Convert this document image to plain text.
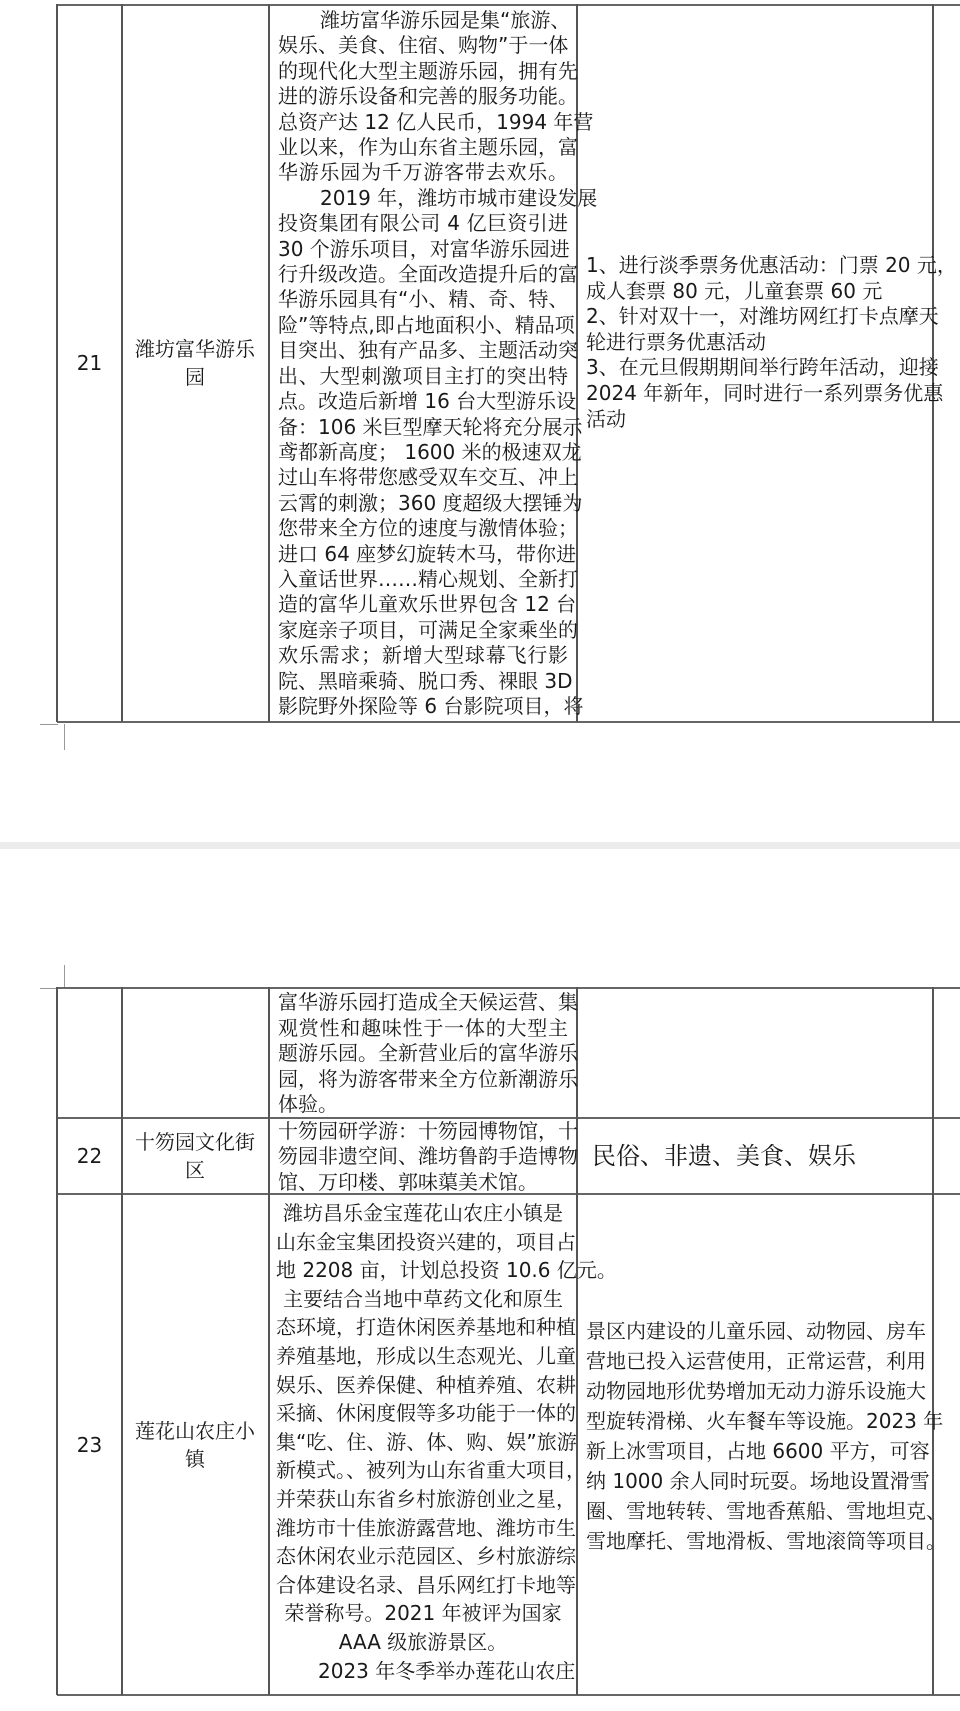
21
潍坊富华游乐园
潍坊富华游乐园是集“旅游、
娱乐、美食、住宿、购物”于一体
的现代化大型主题游乐园，拥有先
进的游乐设备和完善的服务功能。
总资产达 12 亿人民币，1994 年营
业以来，作为山东省主题乐园，富
华游乐园为千万游客带去欢乐。
2019 年，潍坊市城市建设发展
投资集团有限公司 4 亿巨资引进
30 个游乐项目，对富华游乐园进
行升级改造。全面改造提升后的富
华游乐园具有“小、精、奇、特、
险”等特点,即占地面积小、精品项
目突出、独有产品多、主题活动突
出、大型刺激项目主打的突出特
点。改造后新增 16 台大型游乐设
备：106 米巨型摩天轮将充分展示
鸢都新高度； 1600 米的极速双龙
过山车将带您感受双车交互、冲上
云霄的刺激；360 度超级大摆锤为
您带来全方位的速度与激情体验；
进口 64 座梦幻旋转木马，带你进
入童话世界……精心规划、全新打
造的富华儿童欢乐世界包含 12 台
家庭亲子项目，可满足全家乘坐的
欢乐需求；新增大型球幕飞行影
院、黑暗乘骑、脱口秀、裸眼 3D
影院野外探险等 6 台影院项目，将
1、进行淡季票务优惠活动：门票 20 元，
成人套票 80 元，儿童套票 60 元
2、针对双十一，对潍坊网红打卡点摩天
轮进行票务优惠活动
3、在元旦假期期间举行跨年活动，迎接
2024 年新年，同时进行一系列票务优惠
活动
富华游乐园打造成全天候运营、集
观赏性和趣味性于一体的大型主
题游乐园。全新营业后的富华游乐
园，将为游客带来全方位新潮游乐
体验。
22
十笏园文化街区
十笏园研学游：十笏园博物馆，十
笏园非遗空间、潍坊鲁韵手造博物
馆、万印楼、郭味蕖美术馆。
民俗、非遗、美食、娱乐
23
莲花山农庄小镇
潍坊昌乐金宝莲花山农庄小镇是
山东金宝集团投资兴建的，项目占
地 2208 亩，计划总投资 10.6 亿元。
主要结合当地中草药文化和原生
态环境，打造休闲医养基地和种植
养殖基地，形成以生态观光、儿童
娱乐、医养保健、种植养殖、农耕
采摘、休闲度假等多功能于一体的
集“吃、住、游、体、购、娱”旅游
新模式。、被列为山东省重大项目，
并荣获山东省乡村旅游创业之星，
潍坊市十佳旅游露营地、潍坊市生
态休闲农业示范园区、乡村旅游综
合体建设名录、昌乐网红打卡地等
荣誉称号。2021 年被评为国家
AAA 级旅游景区。
2023 年冬季举办莲花山农庄
景区内建设的儿童乐园、动物园、房车
营地已投入运营使用，正常运营，利用
动物园地形优势增加无动力游乐设施大
型旋转滑梯、火车餐车等设施。2023 年
新上冰雪项目，占地 6600 平方，可容
纳 1000 余人同时玩耍。场地设置滑雪
圈、雪地转转、雪地香蕉船、雪地坦克、
雪地摩托、雪地滑板、雪地滚筒等项目。
